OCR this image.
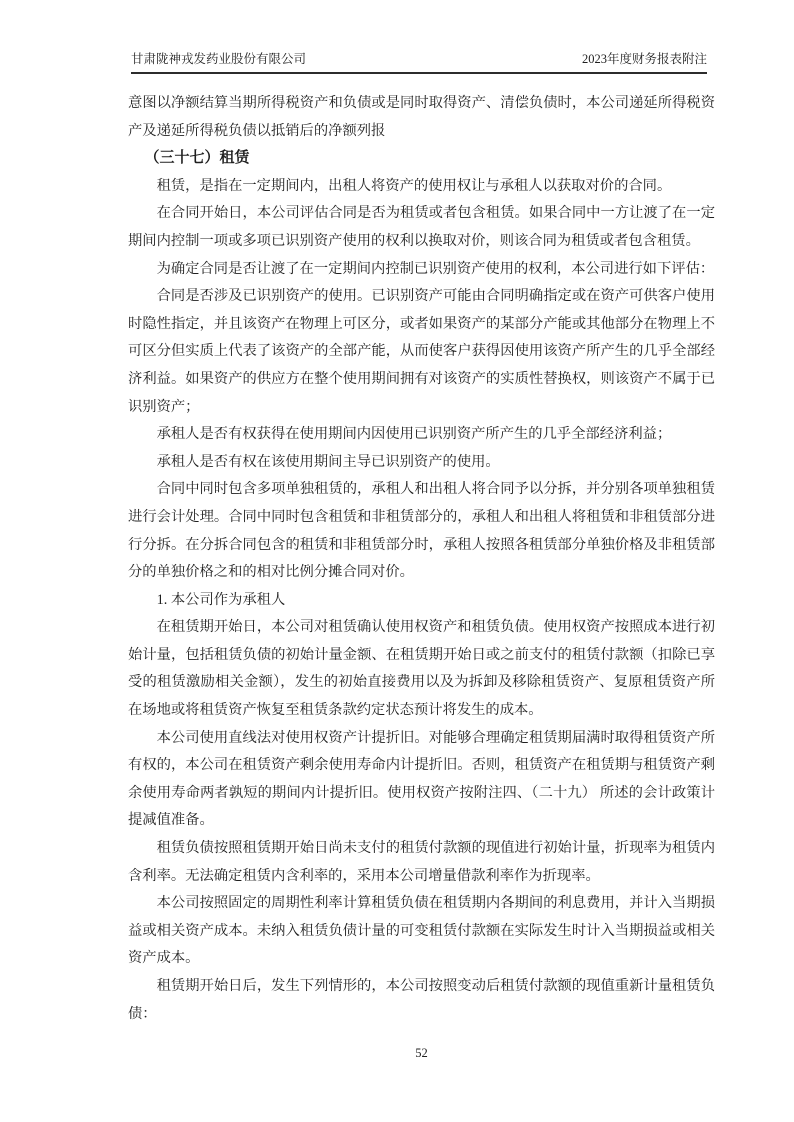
甘肃陇神戎发药业股份有限公司	2023年度财务报表附注

意图以净额结算当期所得税资产和负债或是同时取得资产、清偿负债时，本公司递延所得税资产及递延所得税负债以抵销后的净额列报

（三十七）租赁

租赁，是指在一定期间内，出租人将资产的使用权让与承租人以获取对价的合同。

在合同开始日，本公司评估合同是否为租赁或者包含租赁。如果合同中一方让渡了在一定期间内控制一项或多项已识别资产使用的权利以换取对价，则该合同为租赁或者包含租赁。

为确定合同是否让渡了在一定期间内控制已识别资产使用的权利，本公司进行如下评估：

合同是否涉及已识别资产的使用。已识别资产可能由合同明确指定或在资产可供客户使用时隐性指定，并且该资产在物理上可区分，或者如果资产的某部分产能或其他部分在物理上不可区分但实质上代表了该资产的全部产能，从而使客户获得因使用该资产所产生的几乎全部经济利益。如果资产的供应方在整个使用期间拥有对该资产的实质性替换权，则该资产不属于已识别资产；

承租人是否有权获得在使用期间内因使用已识别资产所产生的几乎全部经济利益；

承租人是否有权在该使用期间主导已识别资产的使用。

合同中同时包含多项单独租赁的，承租人和出租人将合同予以分拆，并分别各项单独租赁进行会计处理。合同中同时包含租赁和非租赁部分的，承租人和出租人将租赁和非租赁部分进行分拆。在分拆合同包含的租赁和非租赁部分时，承租人按照各租赁部分单独价格及非租赁部分的单独价格之和的相对比例分摊合同对价。

1. 本公司作为承租人

在租赁期开始日，本公司对租赁确认使用权资产和租赁负债。使用权资产按照成本进行初始计量，包括租赁负债的初始计量金额、在租赁期开始日或之前支付的租赁付款额（扣除已享受的租赁激励相关金额），发生的初始直接费用以及为拆卸及移除租赁资产、复原租赁资产所在场地或将租赁资产恢复至租赁条款约定状态预计将发生的成本。

本公司使用直线法对使用权资产计提折旧。对能够合理确定租赁期届满时取得租赁资产所有权的，本公司在租赁资产剩余使用寿命内计提折旧。否则，租赁资产在租赁期与租赁资产剩余使用寿命两者孰短的期间内计提折旧。使用权资产按附注四、（二十九） 所述的会计政策计提减值准备。

租赁负债按照租赁期开始日尚未支付的租赁付款额的现值进行初始计量，折现率为租赁内含利率。无法确定租赁内含利率的，采用本公司增量借款利率作为折现率。

本公司按照固定的周期性利率计算租赁负债在租赁期内各期间的利息费用，并计入当期损益或相关资产成本。未纳入租赁负债计量的可变租赁付款额在实际发生时计入当期损益或相关资产成本。

租赁期开始日后，发生下列情形的，本公司按照变动后租赁付款额的现值重新计量租赁负债：

52
